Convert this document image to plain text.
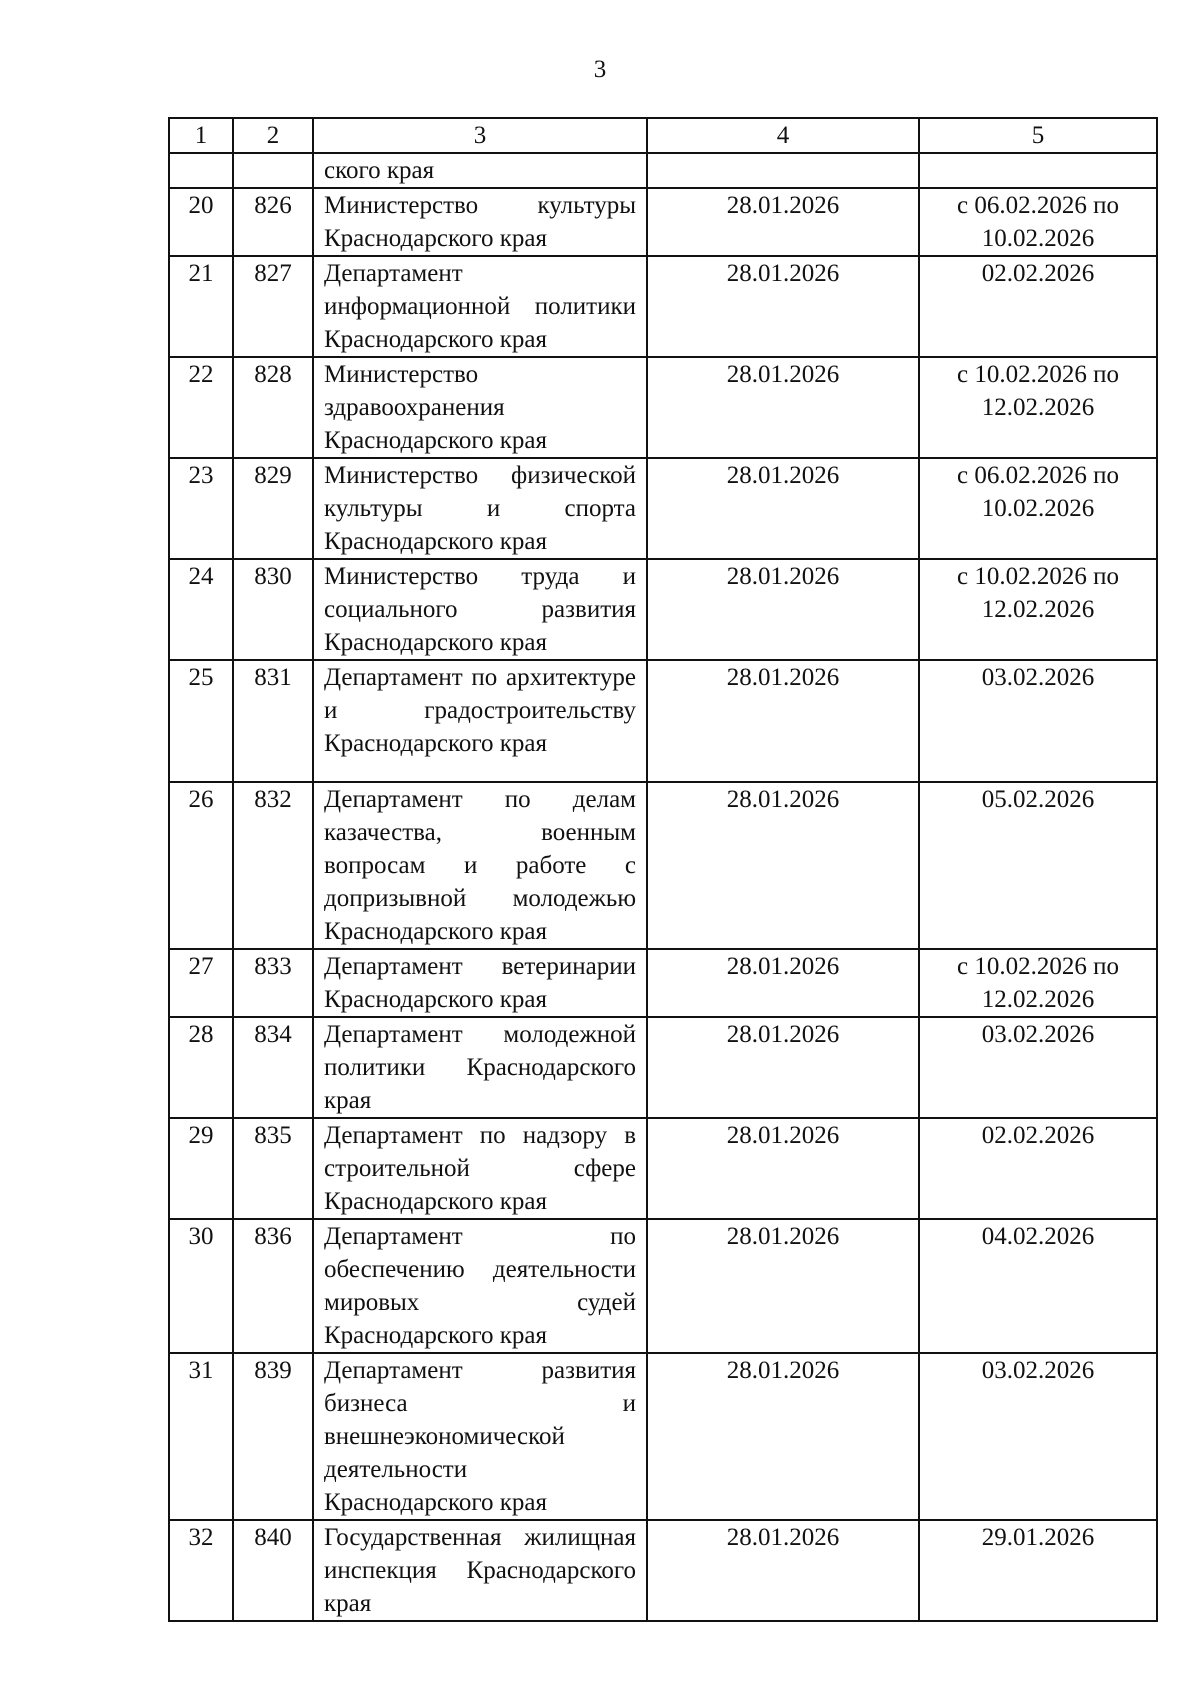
3
1	2	3	4	5
		ского края		
20	826	Министерство культуры Краснодарского края	28.01.2026	с 06.02.2026 по 10.02.2026
21	827	Департамент информационной политики Краснодарского края	28.01.2026	02.02.2026
22	828	Министерство здравоохранения Краснодарского края	28.01.2026	с 10.02.2026 по 12.02.2026
23	829	Министерство физической культуры и спорта Краснодарского края	28.01.2026	с 06.02.2026 по 10.02.2026
24	830	Министерство труда и социального развития Краснодарского края	28.01.2026	с 10.02.2026 по 12.02.2026
25	831	Департамент по архитектуре и градостроительству Краснодарского края	28.01.2026	03.02.2026
26	832	Департамент по делам казачества, военным вопросам и работе с допризывной молодежью Краснодарского края	28.01.2026	05.02.2026
27	833	Департамент ветеринарии Краснодарского края	28.01.2026	с 10.02.2026 по 12.02.2026
28	834	Департамент молодежной политики Краснодарского края	28.01.2026	03.02.2026
29	835	Департамент по надзору в строительной сфере Краснодарского края	28.01.2026	02.02.2026
30	836	Департамент по обеспечению деятельности мировых судей Краснодарского края	28.01.2026	04.02.2026
31	839	Департамент развития бизнеса и внешнеэкономической деятельности Краснодарского края	28.01.2026	03.02.2026
32	840	Государственная жилищная инспекция Краснодарского края	28.01.2026	29.01.2026
